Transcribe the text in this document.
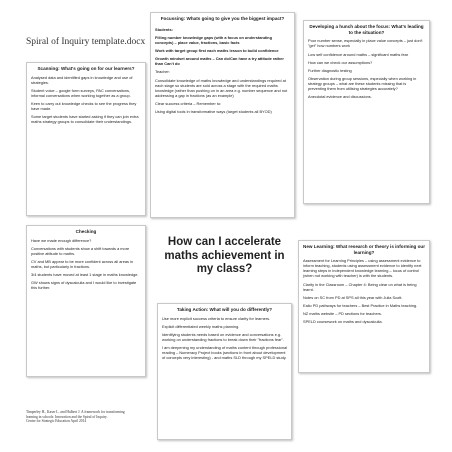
Spiral of Inquiry template.docx
Scanning: What's going on for our learners?

Analysed data and identified gaps in knowledge and use of strategies.

Student voice – google form surveys, PAC conversations, informal conversations when working together as a group.

Keen to carry out knowledge checks to see the progress they have made.

Some target students have started asking if they can join extra maths strategy groups to consolidate their understandings.

Focussing: Whats going to give you the biggest impact?

Students:

Filling number knowledge gaps (with a focus on understanding concepts) – place value, fractions, basic facts

Work with target group first each maths lesson to build confidence

Growth mindset around maths – Can do/Can have a try attitude rather than Can't do

Teacher:

Consolidate knowledge of maths knowledge and understandings required at each stage so students are sold across a stage with the required maths knowledge (rather than pushing on in an area e.g. number sequence and not addressing a gap in fractions (as an example)

Clear success criteria – Remember to:

Using digital tools in transformative ways (target students all BYOD)

Developing a hunch about the focus: What's leading to the situation?

Poor number sense, especially in place value concepts – just don't "get" how numbers work

Low self confidence around maths – significant maths fear

How can we check our assumptions?

Further diagnostic testing

Observation during group sessions, especially when working in strategy groups – what are these students missing that is preventing them from utilising strategies accurately?

Anecdotal evidence and discussions.

How can I accelerate maths achievement in my class?
Checking

Have we made enough difference?

Conversations with students show a shift towards a more positive attitude to maths.

CV and MB appear to be more confident across all areas in maths, but particularly in fractions.

3/4 students have moved at least 1 stage in maths knowledge.

GW shows signs of dyscalculia and I would like to investigate this further.

Taking Action: What will you do differently?

Use more explicit success criteria to ensure clarity for learners.

Explicit differentiated weekly maths planning.

Identifying students needs based on evidence and conversations e.g. working on understanding fractions to break down their "fractions fear".

I am deepening my understanding of maths content through professional reading – Numeracy Project books (sections in front about development of concepts very interesting) - and maths SLD through my SPELD study.

New Learning: What research or theory is informing our learning?

Assessment for Learning Principles – using assessment evidence to inform teaching, students using assessment evidence to identify next learning steps in independent knowledge learning – locus of control (when not working with teacher) is with the students.

Clarity in the Classroom – Chapter 4: Being clear on what is being learnt.

Notes on SC from PD at SPS all this year with Julia Scott.

Ealio PD pathways for teachers – Best Practice in Maths teaching.

NZ maths website – PD sections for teachers.

SPELD coursework on maths and dyscalculia.

Timperley H., Kaser L. and Halbert J. A framework for transforming
learning in schools: Innovation and the Spiral of Inquiry.
Centre for Strategic Education April 2014
